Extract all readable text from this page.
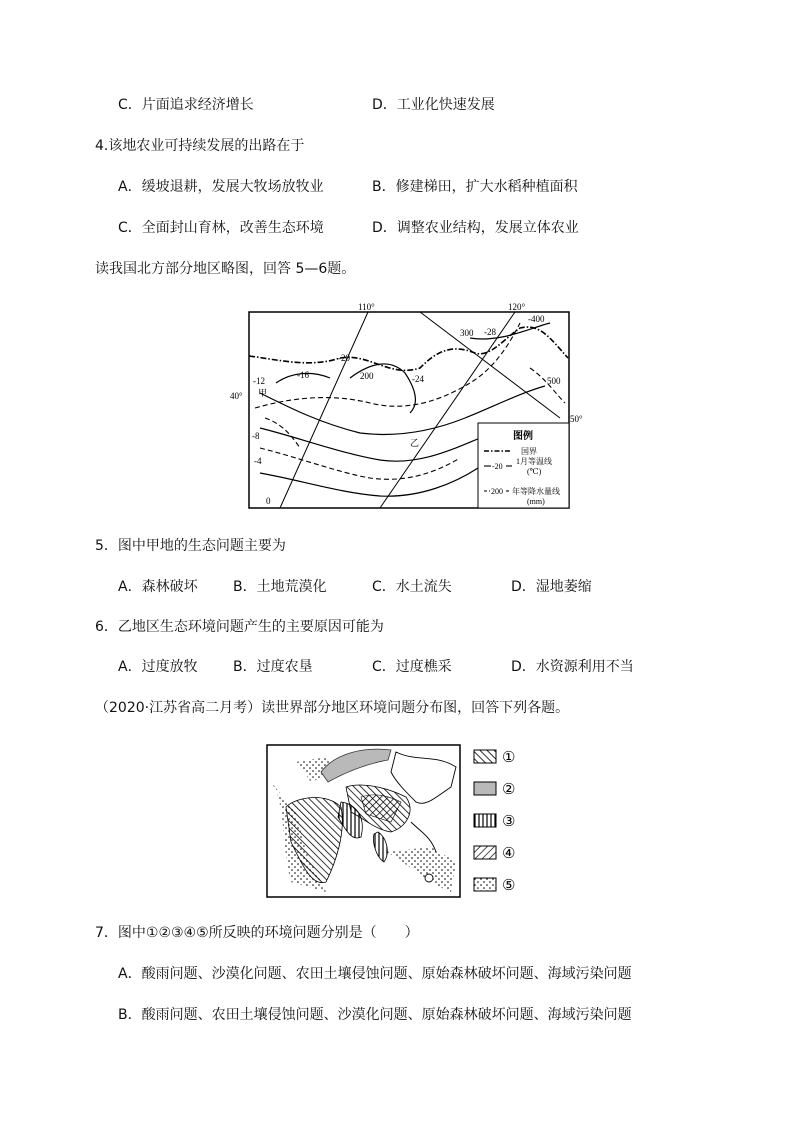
C．片面追求经济增长	D．工业化快速发展
4.该地农业可持续发展的出路在于
A．缓坡退耕，发展大牧场放牧业	B．修建梯田，扩大水稻种植面积
C．全面封山育林，改善生态环境	D．调整农业结构，发展立体农业
读我国北方部分地区略图，回答 5—6题。
110°	120°
40°
50°
-12
-16
-20
200	-24
300 -28
-400
500
-8
-4
0
甲
乙
图例
国界
-20
1月等温线
(℃)
200 年等降水量线
(mm)
5．图中甲地的生态问题主要为
A．森林破坏	B．土地荒漠化	C．水土流失	D．湿地萎缩
6．乙地区生态环境问题产生的主要原因可能为
A．过度放牧	B．过度农垦	C．过度樵采	D．水资源利用不当
（2020·江苏省高二月考）读世界部分地区环境问题分布图，回答下列各题。
①
②
③
④
⑤
7．图中①②③④⑤所反映的环境问题分别是（　　）
A．酸雨问题、沙漠化问题、农田土壤侵蚀问题、原始森林破坏问题、海域污染问题
B．酸雨问题、农田土壤侵蚀问题、沙漠化问题、原始森林破坏问题、海域污染问题
